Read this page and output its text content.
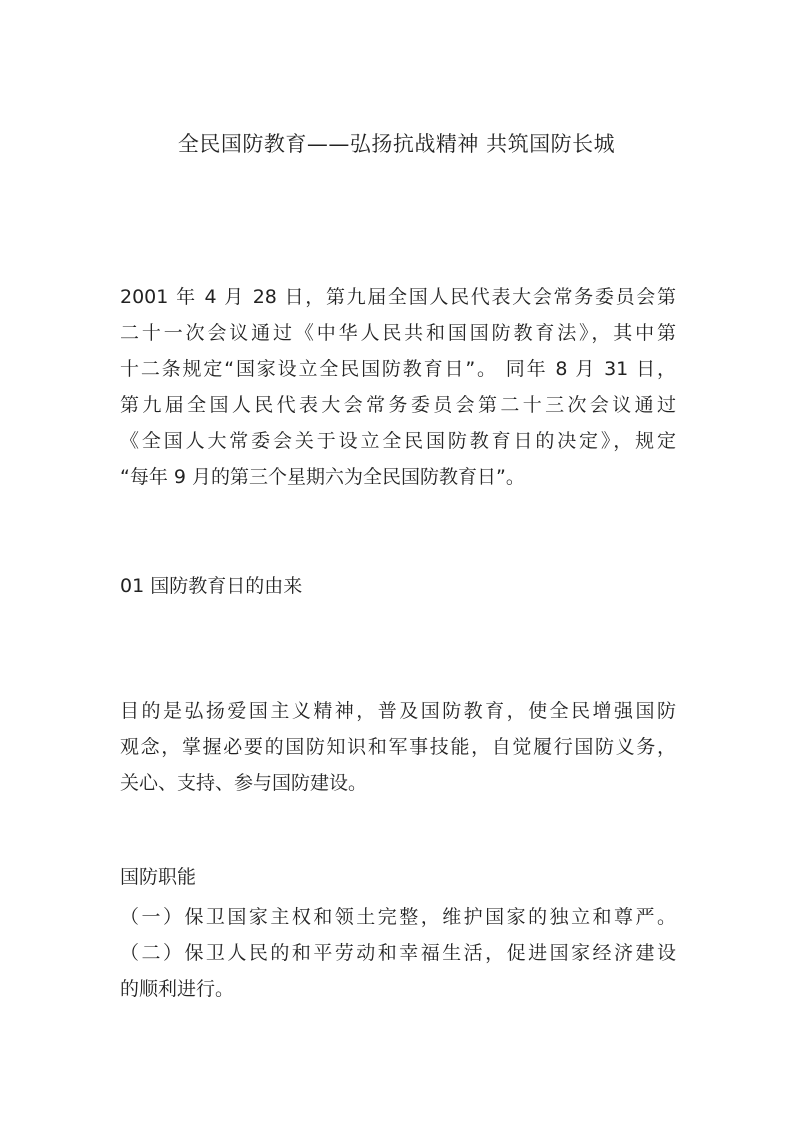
全民国防教育——弘扬抗战精神 共筑国防长城
2001 年 4 月 28 日，第九届全国人民代表大会常务委员会第
二十一次会议通过《中华人民共和国国防教育法》，其中第
十二条规定“国家设立全民国防教育日”。 同年 8 月 31 日，
第九届全国人民代表大会常务委员会第二十三次会议通过
《全国人大常委会关于设立全民国防教育日的决定》，规定
“每年 9 月的第三个星期六为全民国防教育日”。
01 国防教育日的由来
目的是弘扬爱国主义精神，普及国防教育，使全民增强国防
观念，掌握必要的国防知识和军事技能，自觉履行国防义务，
关心、支持、参与国防建设。
国防职能
（一）保卫国家主权和领土完整，维护国家的独立和尊严。
（二）保卫人民的和平劳动和幸福生活，促进国家经济建设
的顺利进行。
